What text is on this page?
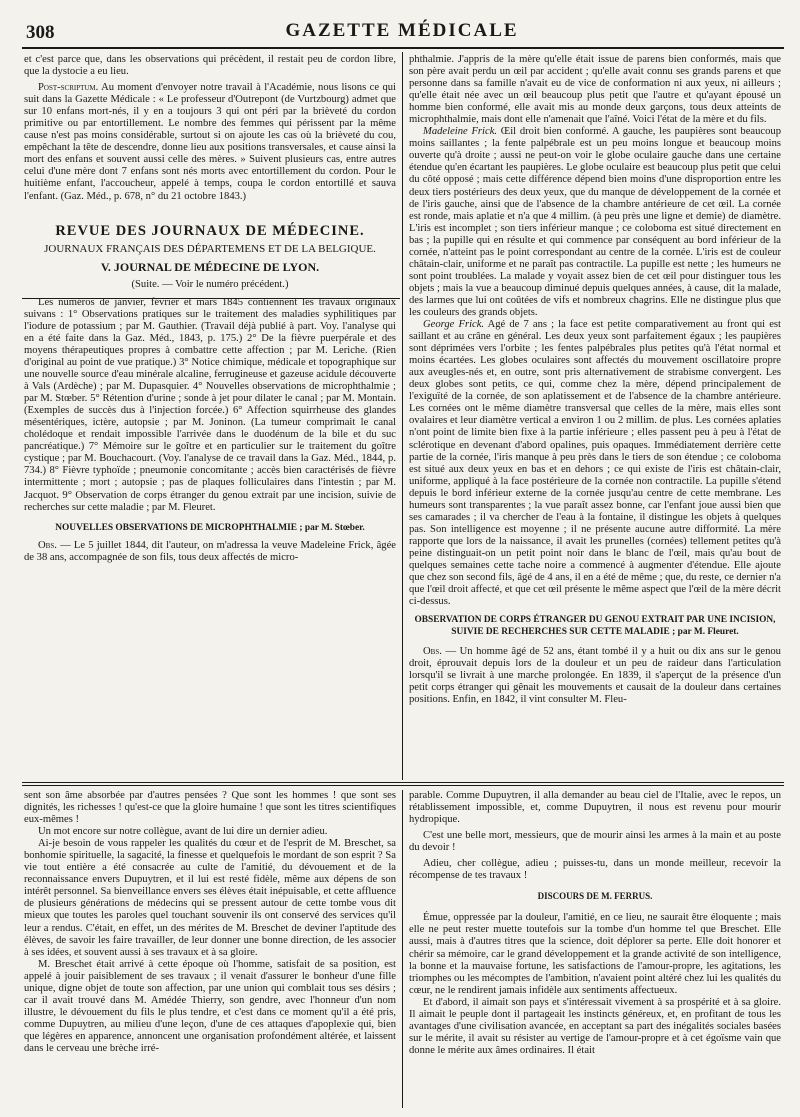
308	GAZETTE MÉDICALE

et c'est parce que, dans les observations qui précèdent, il restait peu de cordon libre, que la dystocie a eu lieu.

Post-scriptum. Au moment d'envoyer notre travail à l'Académie, nous lisons ce qui suit dans la Gazette Médicale : « Le professeur d'Outrepont (de Vurtzbourg) admet que sur 10 enfans mort-nés, il y en a toujours 3 qui ont péri par la brièveté du cordon primitive ou par entortillement. Le nombre des femmes qui périssent par la même cause n'est pas moins considérable, surtout si on ajoute les cas où la brièveté du cou, empêchant la tête de descendre, donne lieu aux positions transversales, et cause ainsi la mort des enfans et souvent aussi celle des mères. » Suivent plusieurs cas, entre autres celui d'une mère dont 7 enfans sont nés morts avec entortillement du cordon. Pour le huitième enfant, l'accoucheur, appelé à temps, coupa le cordon entortillé et sauva l'enfant. (Gaz. Méd., p. 678, n° du 21 octobre 1843.)

REVUE DES JOURNAUX DE MÉDECINE.
JOURNAUX FRANÇAIS DES DÉPARTEMENS ET DE LA BELGIQUE.
V. JOURNAL DE MÉDECINE DE LYON.
(Suite. — Voir le numéro précédent.)

Les numéros de janvier, février et mars 1845 contiennent les travaux originaux suivans : 1° Observations pratiques sur le traitement des maladies syphilitiques par l'iodure de potassium ; par M. Gauthier. (Travail déjà publié à part. Voy. l'analyse qui en a été faite dans la Gaz. Méd., 1843, p. 175.) 2° De la fièvre puerpérale et des moyens thérapeutiques propres à combattre cette affection ; par M. Leriche. (Rien d'original au point de vue pratique.) 3° Notice chimique, médicale et topographique sur une nouvelle source d'eau minérale alcaline, ferrugineuse et gazeuse acidule découverte à Vals (Ardèche) ; par M. Dupasquier. 4° Nouvelles observations de microphthalmie ; par M. Stœber. 5° Rétention d'urine ; sonde à jet pour dilater le canal ; par M. Montain. (Exemples de succès dus à l'injection forcée.) 6° Affection squirrheuse des glandes mésentériques, ictère, autopsie ; par M. Joninon. (La tumeur comprimait le canal cholédoque et rendait impossible l'arrivée dans le duodénum de la bile et du suc pancréatique.) 7° Mémoire sur le goître et en particulier sur le traitement du goître cystique ; par M. Bouchacourt. (Voy. l'analyse de ce travail dans la Gaz. Méd., 1844, p. 734.) 8° Fièvre typhoïde ; pneumonie concomitante ; accès bien caractérisés de fièvre intermittente ; mort ; autopsie ; pas de plaques folliculaires dans l'intestin ; par M. Jacquot. 9° Observation de corps étranger du genou extrait par une incision, suivie de recherches sur cette maladie ; par M. Fleuret.

NOUVELLES OBSERVATIONS DE MICROPHTHALMIE ; par M. Stœber.

Obs. — Le 5 juillet 1844, dit l'auteur, on m'adressa la veuve Madeleine Frick, âgée de 38 ans, accompagnée de son fils, tous deux affectés de micro-

phthalmie. J'appris de la mère qu'elle était issue de parens bien conformés, mais que son père avait perdu un œil par accident ; qu'elle avait connu ses grands parens et que personne dans sa famille n'avait eu de vice de conformation ni aux yeux, ni ailleurs ; qu'elle était née avec un œil beaucoup plus petit que l'autre et qu'ayant épousé un homme bien conformé, elle avait mis au monde deux garçons, tous deux atteints de microphthalmie, mais dont elle n'amenait que l'aîné. Voici l'état de la mère et du fils.

Madeleine Frick. Œil droit bien conformé. A gauche, les paupières sont beaucoup moins saillantes ; la fente palpébrale est un peu moins longue et beaucoup moins ouverte qu'à droite ; aussi ne peut-on voir le globe oculaire gauche dans une certaine étendue qu'en écartant les paupières. Le globe oculaire est beaucoup plus petit que celui du côté opposé ; mais cette différence dépend bien moins d'une disproportion entre les deux tiers postérieurs des deux yeux, que du manque de développement de la cornée et de l'iris gauche, ainsi que de l'absence de la chambre antérieure de cet œil. La cornée est ronde, mais aplatie et n'a que 4 millim. (à peu près une ligne et demie) de diamètre. L'iris est incomplet ; son tiers inférieur manque ; ce coloboma est situé directement en bas ; la pupille qui en résulte et qui commence par conséquent au bord inférieur de la cornée, n'atteint pas le point correspondant au centre de la cornée. L'iris est de couleur châtain-clair, uniforme et ne paraît pas contractile. La pupille est nette ; les humeurs ne sont point troublées. La malade y voyait assez bien de cet œil pour distinguer tous les objets ; mais la vue a beaucoup diminué depuis quelques années, à cause, dit la malade, des larmes que lui ont coûtées de vifs et nombreux chagrins. Elle ne distingue plus que les couleurs des grands objets.

George Frick. Agé de 7 ans ; la face est petite comparativement au front qui est saillant et au crâne en général. Les deux yeux sont parfaitement égaux ; les paupières sont déprimées vers l'orbite ; les fentes palpébrales plus petites qu'à l'état normal et moins écartées. Les globes oculaires sont affectés du mouvement oscillatoire propre aux aveugles-nés et, en outre, sont pris alternativement de strabisme convergent. Les deux globes sont petits, ce qui, comme chez la mère, dépend principalement de l'exiguïté de la cornée, de son aplatissement et de l'absence de la chambre antérieure. Les cornées ont le même diamètre transversal que celles de la mère, mais elles sont ovalaires et leur diamètre vertical a environ 1 ou 2 millim. de plus. Les cornées aplaties n'ont point de limite bien fixe à la partie inférieure ; elles passent peu à peu à l'état de sclérotique en devenant d'abord opalines, puis opaques. Immédiatement derrière cette partie de la cornée, l'iris manque à peu près dans le tiers de son étendue ; ce coloboma est situé aux deux yeux en bas et en dehors ; ce qui existe de l'iris est châtain-clair, uniforme, appliqué à la face postérieure de la cornée non contractile. La pupille s'étend depuis le bord inférieur externe de la cornée jusqu'au centre de cette membrane. Les humeurs sont transparentes ; la vue paraît assez bonne, car l'enfant joue aussi bien que ses camarades ; il va chercher de l'eau à la fontaine, il distingue les objets à quelques pas. Son intelligence est moyenne ; il ne présente aucune autre difformité. La mère rapporte que lors de la naissance, il avait les prunelles (cornées) tellement petites qu'à peine distinguait-on un petit point noir dans le blanc de l'œil, mais qu'au bout de quelques semaines cette tache noire a commencé à augmenter d'étendue. Elle ajoute que chez son second fils, âgé de 4 ans, il en a été de même ; que, du reste, ce dernier n'a que l'œil droit affecté, et que cet œil présente le même aspect que l'œil de la mère décrit ci-dessus.

OBSERVATION DE CORPS ÉTRANGER DU GENOU EXTRAIT PAR UNE INCISION, SUIVIE DE RECHERCHES SUR CETTE MALADIE ; par M. Fleuret.

Obs. — Un homme âgé de 52 ans, étant tombé il y a huit ou dix ans sur le genou droit, éprouvait depuis lors de la douleur et un peu de raideur dans l'articulation lorsqu'il se livrait à une marche prolongée. En 1839, il s'aperçut de la présence d'un petit corps étranger qui gênait les mouvements et causait de la douleur dans certaines positions. Enfin, en 1842, il vint consulter M. Fleu-

sent son âme absorbée par d'autres pensées ? Que sont les hommes ! que sont ses dignités, les richesses ! qu'est-ce que la gloire humaine ! que sont les titres scientifiques eux-mêmes !

Un mot encore sur notre collègue, avant de lui dire un dernier adieu.

Ai-je besoin de vous rappeler les qualités du cœur et de l'esprit de M. Breschet, sa bonhomie spirituelle, la sagacité, la finesse et quelquefois le mordant de son esprit ? Sa vie tout entière a été consacrée au culte de l'amitié, du dévouement et de la reconnaissance envers Dupuytren, et il lui est resté fidèle, même aux dépens de son intérêt personnel. Sa bienveillance envers ses élèves était inépuisable, et cette affluence de plusieurs générations de médecins qui se pressent autour de cette tombe vous dit mieux que toutes les paroles quel touchant souvenir ils ont conservé des services qu'il leur a rendus. C'était, en effet, un des mérites de M. Breschet de deviner l'aptitude des élèves, de savoir les faire travailler, de leur donner une bonne direction, de les associer à ses idées, et souvent aussi à ses travaux et à sa gloire.

M. Breschet était arrivé à cette époque où l'homme, satisfait de sa position, est appelé à jouir paisiblement de ses travaux ; il venait d'assurer le bonheur d'une fille unique, digne objet de toute son affection, par une union qui comblait tous ses désirs ; car il avait trouvé dans M. Amédée Thierry, son gendre, avec l'honneur d'un nom illustre, le dévouement du fils le plus tendre, et c'est dans ce moment qu'il a été pris, comme Dupuytren, au milieu d'une leçon, d'une de ces attaques d'apoplexie qui, bien que légères en apparence, annoncent une organisation profondément altérée, et laissent dans le cerveau une brèche irré-

parable. Comme Dupuytren, il alla demander au beau ciel de l'Italie, avec le repos, un rétablissement impossible, et, comme Dupuytren, il nous est revenu pour mourir hydropique.

C'est une belle mort, messieurs, que de mourir ainsi les armes à la main et au poste du devoir !

Adieu, cher collègue, adieu ; puisses-tu, dans un monde meilleur, recevoir la récompense de tes travaux !

DISCOURS DE M. FERRUS.

Émue, oppressée par la douleur, l'amitié, en ce lieu, ne saurait être éloquente ; mais elle ne peut rester muette toutefois sur la tombe d'un homme tel que Breschet. Elle aussi, mais à d'autres titres que la science, doit déplorer sa perte. Elle doit honorer et chérir sa mémoire, car le grand développement et la grande activité de son intelligence, la bonne et la mauvaise fortune, les satisfactions de l'amour-propre, les agitations, les triomphes ou les mécomptes de l'ambition, n'avaient point altéré chez lui les qualités du cœur, ne le rendirent jamais infidèle aux sentiments affectueux.

Et d'abord, il aimait son pays et s'intéressait vivement à sa prospérité et à sa gloire. Il aimait le peuple dont il partageait les instincts généreux, et, en profitant de tous les avantages d'une civilisation avancée, en acceptant sa part des inégalités sociales basées sur le mérite, il avait su résister au vertige de l'amour-propre et à cet égoïsme vain que donne le mérite aux âmes ordinaires. Il était
